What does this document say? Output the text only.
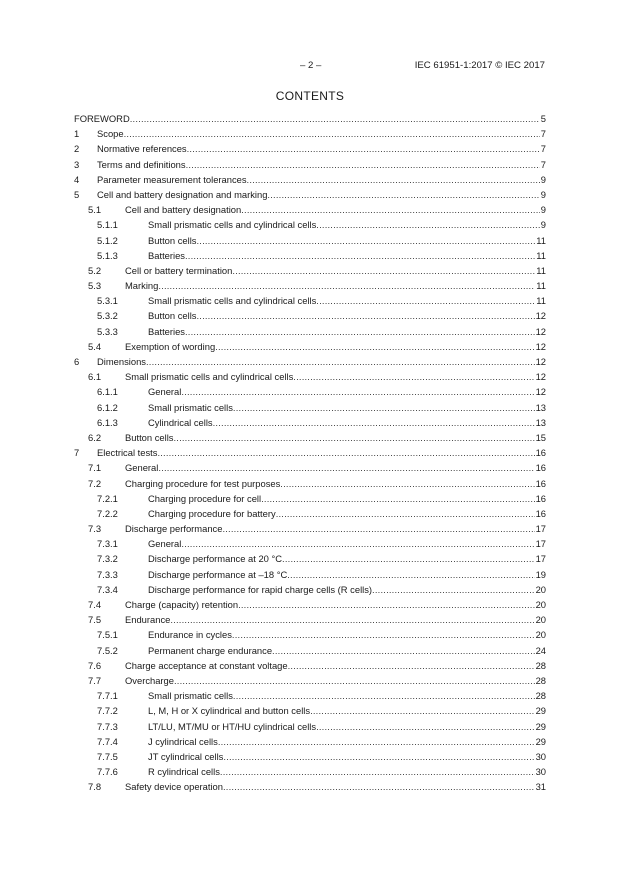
– 2 –	IEC 61951-1:2017 © IEC 2017
CONTENTS
FOREWORD .....	5
1 Scope .....	7
2 Normative references .....	7
3 Terms and definitions .....	7
4 Parameter measurement tolerances .....	9
5 Cell and battery designation and marking .....	9
5.1	Cell and battery designation .....	9
5.1.1	Small prismatic cells and cylindrical cells .....	9
5.1.2	Button cells .....	11
5.1.3	Batteries .....	11
5.2	Cell or battery termination .....	11
5.3	Marking .....	11
5.3.1	Small prismatic cells and cylindrical cells .....	11
5.3.2	Button cells .....	12
5.3.3	Batteries .....	12
5.4	Exemption of wording .....	12
6 Dimensions .....	12
6.1	Small prismatic cells and cylindrical cells .....	12
6.1.1	General .....	12
6.1.2	Small prismatic cells .....	13
6.1.3	Cylindrical cells .....	13
6.2	Button cells .....	15
7 Electrical tests .....	16
7.1	General .....	16
7.2	Charging procedure for test purposes .....	16
7.2.1	Charging procedure for cell .....	16
7.2.2	Charging procedure for battery .....	16
7.3	Discharge performance .....	17
7.3.1	General .....	17
7.3.2	Discharge performance at 20 °C .....	17
7.3.3	Discharge performance at –18 °C .....	19
7.3.4	Discharge performance for rapid charge cells (R cells) .....	20
7.4	Charge (capacity) retention .....	20
7.5	Endurance .....	20
7.5.1	Endurance in cycles .....	20
7.5.2	Permanent charge endurance .....	24
7.6	Charge acceptance at constant voltage .....	28
7.7	Overcharge .....	28
7.7.1	Small prismatic cells .....	28
7.7.2	L, M, H or X cylindrical and button cells .....	29
7.7.3	LT/LU, MT/MU or HT/HU cylindrical cells .....	29
7.7.4	J cylindrical cells .....	29
7.7.5	JT cylindrical cells .....	30
7.7.6	R cylindrical cells .....	30
7.8	Safety device operation .....	31
